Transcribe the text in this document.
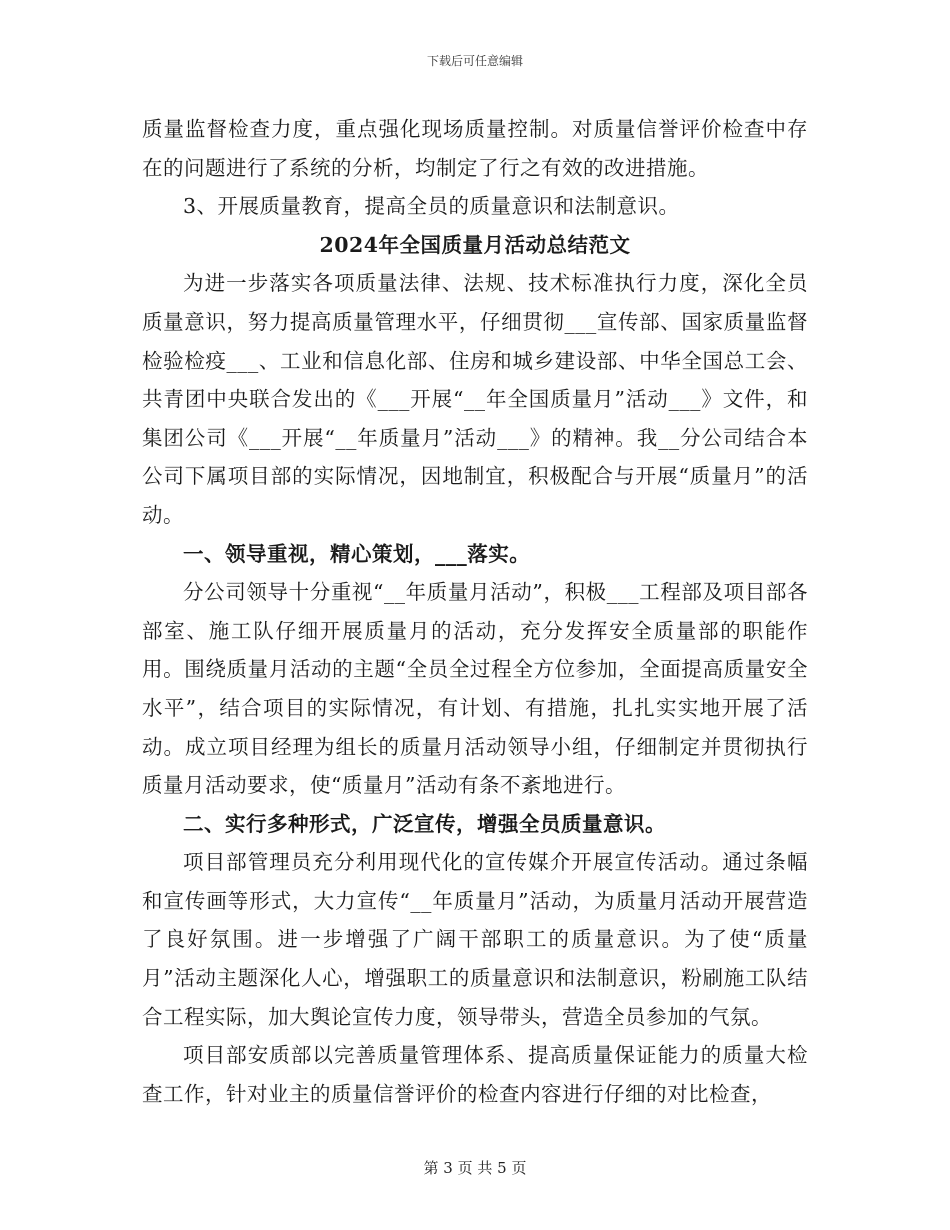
下载后可任意编辑

质量监督检查力度，重点强化现场质量控制。对质量信誉评价检查中存在的问题进行了系统的分析，均制定了行之有效的改进措施。

3、开展质量教育，提高全员的质量意识和法制意识。

2024年全国质量月活动总结范文

为进一步落实各项质量法律、法规、技术标准执行力度，深化全员质量意识，努力提高质量管理水平，仔细贯彻___宣传部、国家质量监督检验检疫___、工业和信息化部、住房和城乡建设部、中华全国总工会、共青团中央联合发出的《___开展“__年全国质量月”活动___》文件，和集团公司《___开展“__年质量月”活动___》的精神。我__分公司结合本公司下属项目部的实际情况，因地制宜，积极配合与开展“质量月”的活动。

一、领导重视，精心策划，___落实。

分公司领导十分重视“__年质量月活动”，积极___工程部及项目部各部室、施工队仔细开展质量月的活动，充分发挥安全质量部的职能作用。围绕质量月活动的主题“全员全过程全方位参加，全面提高质量安全水平”，结合项目的实际情况，有计划、有措施，扎扎实实地开展了活动。成立项目经理为组长的质量月活动领导小组，仔细制定并贯彻执行质量月活动要求，使“质量月”活动有条不紊地进行。

二、实行多种形式，广泛宣传，增强全员质量意识。

项目部管理员充分利用现代化的宣传媒介开展宣传活动。通过条幅和宣传画等形式，大力宣传“__年质量月”活动，为质量月活动开展营造了良好氛围。进一步增强了广阔干部职工的质量意识。为了使“质量月”活动主题深化人心，增强职工的质量意识和法制意识，粉刷施工队结合工程实际，加大舆论宣传力度，领导带头，营造全员参加的气氛。

项目部安质部以完善质量管理体系、提高质量保证能力的质量大检查工作，针对业主的质量信誉评价的检查内容进行仔细的对比检查，

第 3 页 共 5 页
